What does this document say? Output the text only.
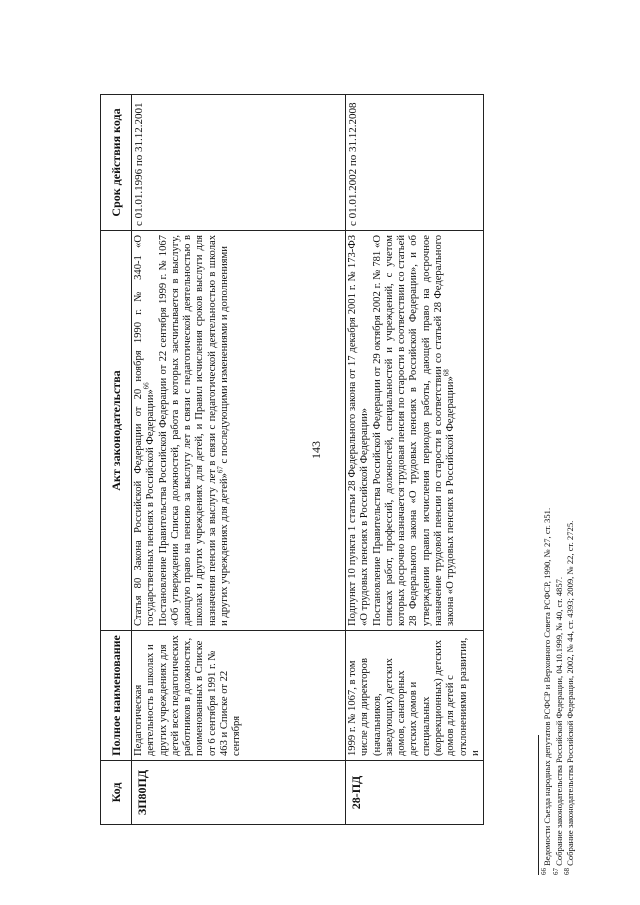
143
Код	Полное наименование	Акт законодательства	Срок действия кода
ЗП80ПД	Педагогическая деятельность в школах и других учреждениях для детей всех педагогических работников в должностях, поименованных в Списке от 6 сентября 1991 г. № 463 и Списке от 22 сентября	Статья 80 Закона Российской Федерации от 20 ноября 1990 г. № 340-1 «О государственных пенсиях в Российской Федерации»$^{66}$ Постановление Правительства Российской Федерации от 22 сентября 1999 г. № 1067 «Об утверждении Списка должностей, работа в которых засчитывается в выслугу, дающую право на пенсию за выслугу лет в связи с педагогической деятельностью в школах и других учреждениях для детей, и Правил исчисления сроков выслуги для назначения пенсии за выслугу лет в связи с педагогической деятельностью в школах и других учреждениях для детей»$^{67}$ с последующими изменениями и дополнениями	с 01.01.1996 по 31.12.2001
28-ПД	1999 г. № 1067, в том числе для директоров (начальников, заведующих) детских домов, санаторных детских домов и специальных (коррекционных) детских домов для детей с отклонениями в развитии, и	Подпункт 10 пункта 1 статьи 28 Федерального закона от 17 декабря 2001 г. № 173-ФЗ «О трудовых пенсиях в Российской Федерации» Постановление Правительства Российской Федерации от 29 октября 2002 г. № 781 «О списках работ, профессий, должностей, специальностей и учреждений, с учетом которых досрочно назначается трудовая пенсия по старости в соответствии со статьей 28 Федерального закона «О трудовых пенсиях в Российской Федерации», и об утверждении правил исчисления периодов работы, дающей право на досрочное назначение трудовой пенсии по старости в соответствии со статьей 28 Федерального закона «О трудовых пенсиях в Российской Федерации»$^{68}$	с 01.01.2002 по 31.12.2008
$^{66}$ Ведомости Съезда народных депутатов РСФСР и Верховного Совета РСФСР, 1990, № 27, ст. 351.
$^{67}$ Собрание законодательства Российской Федерации, 04.10.1999, № 40, ст. 4857.
$^{68}$ Собрание законодательства Российской Федерации, 2002, № 44, ст. 4393; 2009, № 22, ст. 2725.
